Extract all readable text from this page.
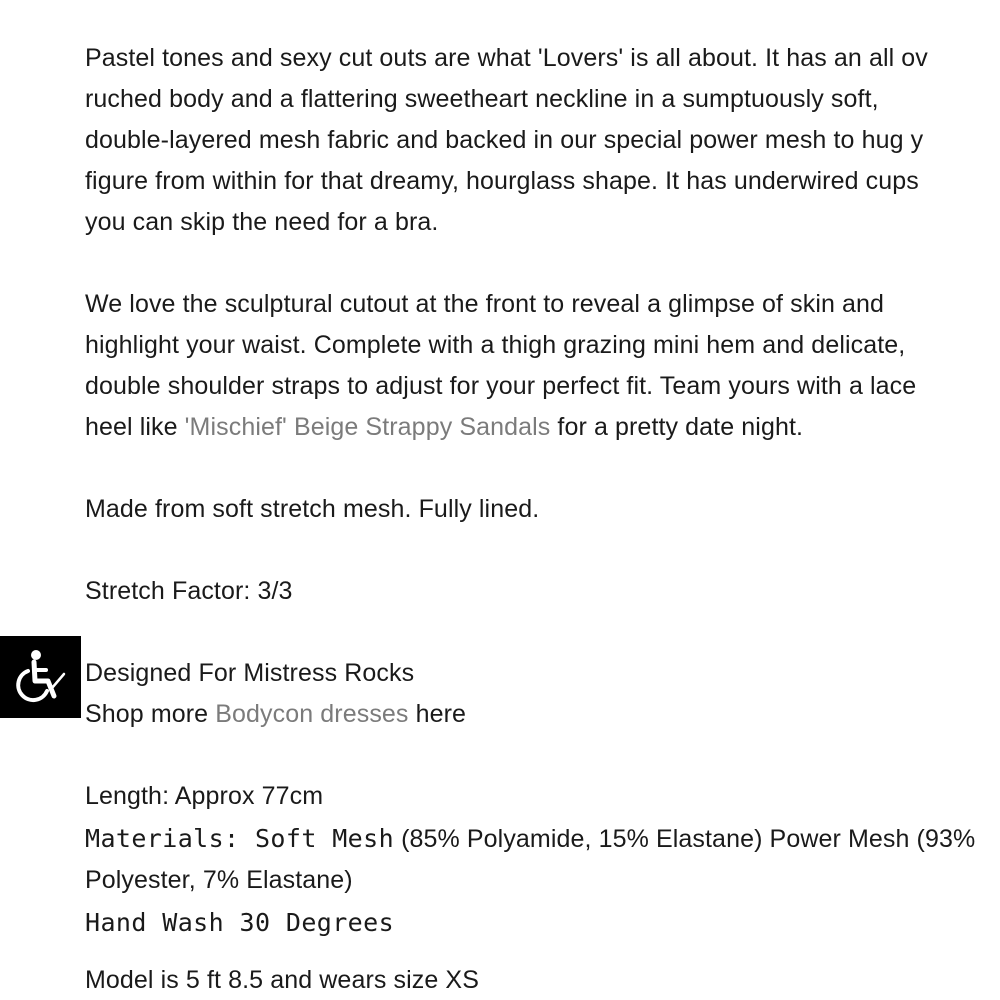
Pastel tones and sexy cut outs are what 'Lovers' is all about. It has an all ov
ruched body and a flattering sweetheart neckline in a sumptuously soft,
double-layered mesh fabric and backed in our special power mesh to hug y
figure from within for that dreamy, hourglass shape. It has underwired cups
you can skip the need for a bra.
We love the sculptural cutout at the front to reveal a glimpse of skin and
highlight your waist. Complete with a thigh grazing mini hem and delicate,
double shoulder straps to adjust for your perfect fit. Team yours with a lace
heel like 'Mischief' Beige Strappy Sandals for a pretty date night.
Made from soft stretch mesh. Fully lined.
Stretch Factor: 3/3
Designed For Mistress Rocks
Shop more Bodycon dresses here
Length: Approx 77cm
Materials: Soft Mesh (85% Polyamide, 15% Elastane) Power Mesh (93%
Polyester, 7% Elastane)
Hand Wash 30 Degrees
Model is 5 ft 8.5 and wears size XS
